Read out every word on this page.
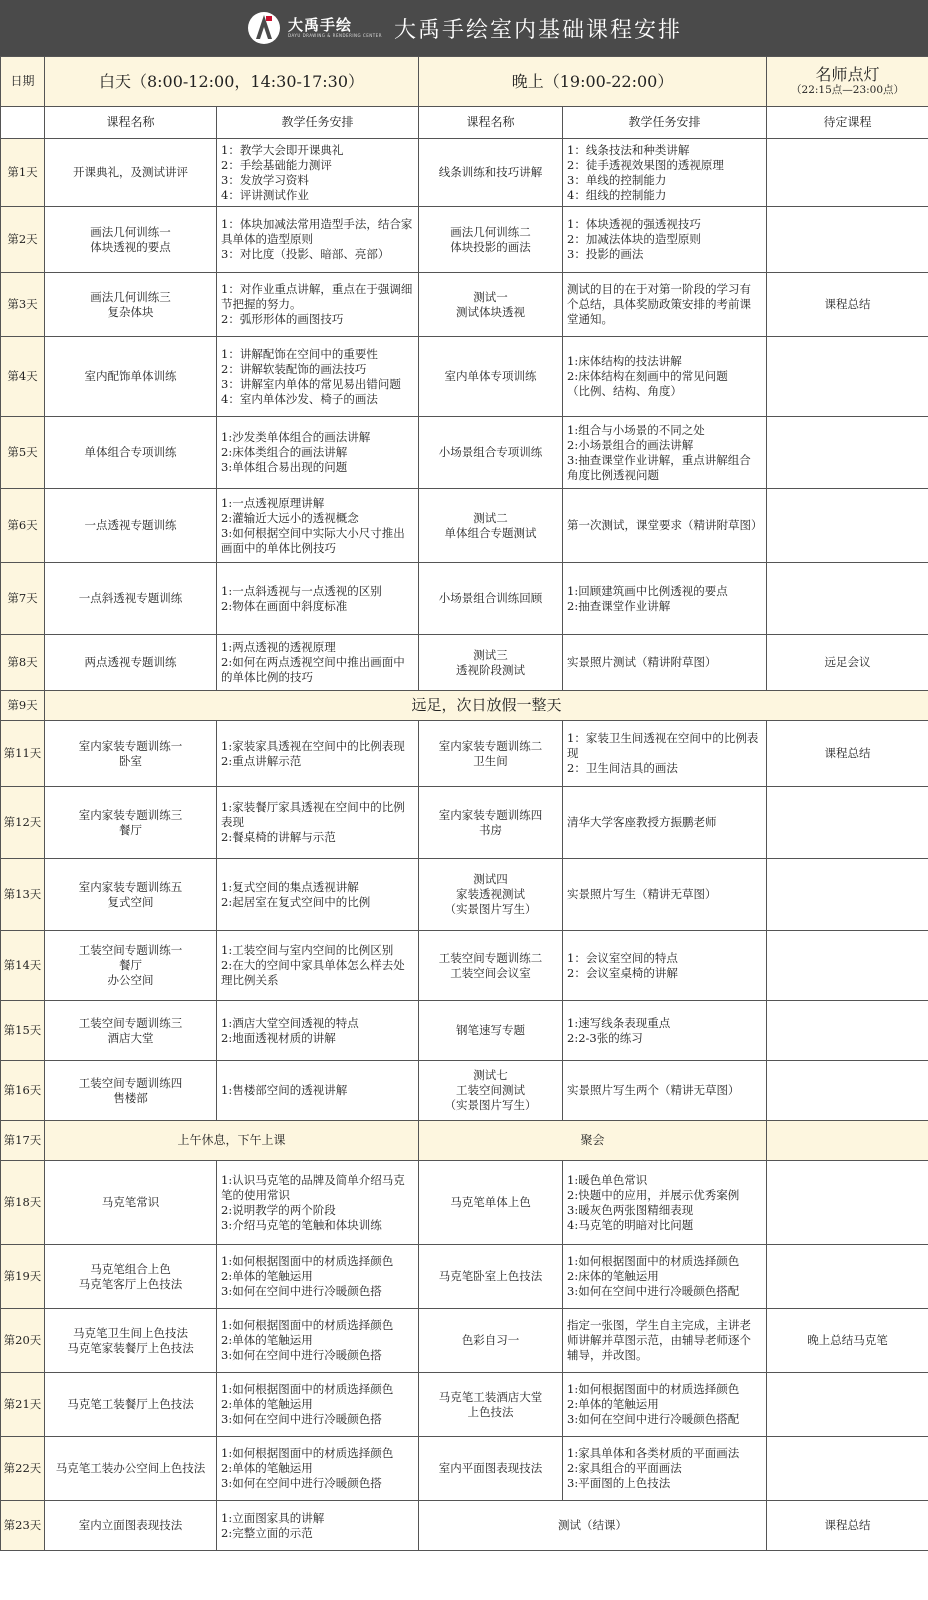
大禹手绘
DAYU DRAWING & RENDERING CENTER 大禹手绘室内基础课程安排
日期	白天（8:00-12:00，14:30-17:30）		晚上（19:00-22:00）		名师点灯
（22:15点—23:00点）

	课程名称	教学任务安排	课程名称	教学任务安排	待定课程
第1天	开课典礼，及测试讲评	1：教学大会即开课典礼
2：手绘基础能力测评
3：发放学习资料
4：评讲测试作业	线条训练和技巧讲解	1：线条技法和种类讲解
2：徒手透视效果图的透视原理
3：单线的控制能力
4：组线的控制能力	
第2天	画法几何训练一
体块透视的要点	1：体块加减法常用造型手法，结合家具单体的造型原则
3：对比度（投影、暗部、亮部）	画法几何训练二
体块投影的画法	1：体块透视的强透视技巧
2：加减法体块的造型原则
3：投影的画法	
第3天	画法几何训练三
复杂体块	1：对作业重点讲解，重点在于强调细节把握的努力。
2：弧形形体的画图技巧	测试一
测试体块透视	测试的目的在于对第一阶段的学习有个总结，具体奖励政策安排的考前课堂通知。	课程总结
第4天	室内配饰单体训练	1：讲解配饰在空间中的重要性
2：讲解软装配饰的画法技巧
3：讲解室内单体的常见易出错问题
4：室内单体沙发、椅子的画法	室内单体专项训练	1:床体结构的技法讲解
2:床体结构在刻画中的常见问题
（比例、结构、角度）	
第5天	单体组合专项训练	1:沙发类单体组合的画法讲解
2:床体类组合的画法讲解
3:单体组合易出现的问题	小场景组合专项训练	1:组合与小场景的不同之处
2:小场景组合的画法讲解
3:抽查课堂作业讲解，重点讲解组合角度比例透视问题	
第6天	一点透视专题训练	1:一点透视原理讲解
2:灌输近大远小的透视概念
3:如何根据空间中实际大小尺寸推出画面中的单体比例技巧	测试二
单体组合专题测试	第一次测试，课堂要求（精讲附草图）	
第7天	一点斜透视专题训练	1:一点斜透视与一点透视的区别
2:物体在画面中斜度标准	小场景组合训练回顾	1:回顾建筑画中比例透视的要点
2:抽查课堂作业讲解	
第8天	两点透视专题训练	1:两点透视的透视原理
2:如何在两点透视空间中推出画面中的单体比例的技巧	测试三
透视阶段测试	实景照片测试（精讲附草图）	远足会议
第9天	远足，次日放假一整天				
第11天	室内家装专题训练一
卧室	1:家装家具透视在空间中的比例表现
2:重点讲解示范	室内家装专题训练二
卫生间	1：家装卫生间透视在空间中的比例表现
2：卫生间洁具的画法	课程总结
第12天	室内家装专题训练三
餐厅	1:家装餐厅家具透视在空间中的比例表现
2:餐桌椅的讲解与示范	室内家装专题训练四
书房	清华大学客座教授方振鹏老师	
第13天	室内家装专题训练五
复式空间	1:复式空间的集点透视讲解
2:起居室在复式空间中的比例	测试四
家装透视测试
（实景图片写生）	实景照片写生（精讲无草图）	
第14天	工装空间专题训练一
餐厅
办公空间	1:工装空间与室内空间的比例区别
2:在大的空间中家具单体怎么样去处理比例关系	工装空间专题训练二
工装空间会议室	1：会议室空间的特点
2：会议室桌椅的讲解	
第15天	工装空间专题训练三
酒店大堂	1:酒店大堂空间透视的特点
2:地面透视材质的讲解	钢笔速写专题	1:速写线条表现重点
2:2-3张的练习	
第16天	工装空间专题训练四
售楼部	1:售楼部空间的透视讲解	测试七
工装空间测试
（实景图片写生）	实景照片写生两个（精讲无草图）	
第17天	上午休息，下午上课		聚会		
第18天	马克笔常识	1:认识马克笔的品牌及简单介绍马克笔的使用常识
2:说明教学的两个阶段
3:介绍马克笔的笔触和体块训练	马克笔单体上色	1:暖色单色常识
2:快题中的应用，并展示优秀案例
3:暖灰色两张图精细表现
4:马克笔的明暗对比问题	
第19天	马克笔组合上色
马克笔客厅上色技法	1:如何根据图面中的材质选择颜色
2:单体的笔触运用
3:如何在空间中进行冷暖颜色搭	马克笔卧室上色技法	1:如何根据图面中的材质选择颜色
2:床体的笔触运用
3:如何在空间中进行冷暖颜色搭配	
第20天	马克笔卫生间上色技法
马克笔家装餐厅上色技法	1:如何根据图面中的材质选择颜色
2:单体的笔触运用
3:如何在空间中进行冷暖颜色搭	色彩自习一	指定一张图，学生自主完成，主讲老师讲解并草图示范，由辅导老师逐个辅导，并改图。	晚上总结马克笔
第21天	马克笔工装餐厅上色技法	1:如何根据图面中的材质选择颜色
2:单体的笔触运用
3:如何在空间中进行冷暖颜色搭	马克笔工装酒店大堂
上色技法	1:如何根据图面中的材质选择颜色
2:单体的笔触运用
3:如何在空间中进行冷暖颜色搭配	
第22天	马克笔工装办公空间上色技法	1:如何根据图面中的材质选择颜色
2:单体的笔触运用
3:如何在空间中进行冷暖颜色搭	室内平面图表现技法	1:家具单体和各类材质的平面画法
2:家具组合的平面画法
3:平面图的上色技法	
第23天	室内立面图表现技法	1:立面图家具的讲解
2:完整立面的示范	测试（结课）		课程总结
